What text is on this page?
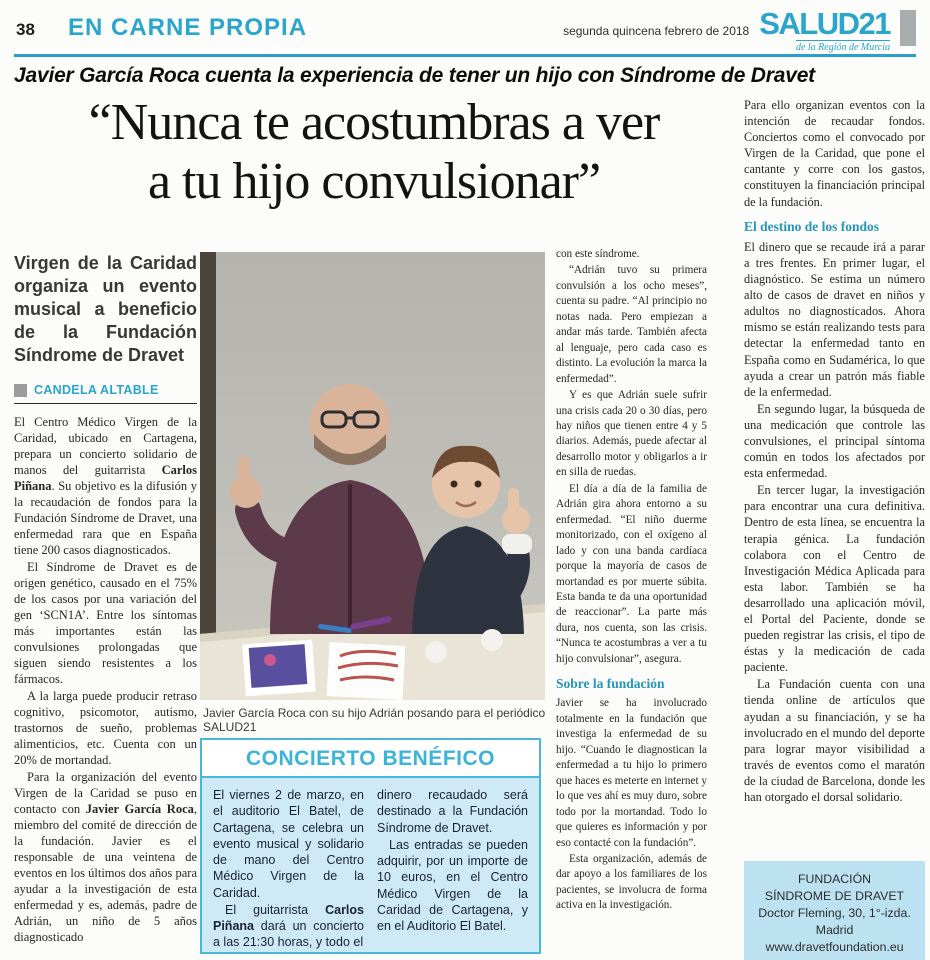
38 EN CARNE PROPIA	segunda quincena febrero de 2018 SALUD21
de la Región de Murcia
Javier García Roca cuenta la experiencia de tener un hijo con Síndrome de Dravet
“Nunca te acostumbras a ver
a tu hijo convulsionar”
Virgen de la Caridad organiza un evento musical a beneficio de la Fundación Síndrome de Dravet
CANDELA ALTABLE

El Centro Médico Virgen de la Caridad, ubicado en Cartagena, prepara un concierto solidario de manos del guitarrista Carlos Piñana. Su objetivo es la difusión y la recaudación de fondos para la Fundación Síndrome de Dravet, una enfermedad rara que en España tiene 200 casos diagnosticados.

El Síndrome de Dravet es de origen genético, causado en el 75% de los casos por una variación del gen ‘SCN1A’. Entre los síntomas más importantes están las convulsiones prolongadas que siguen siendo resistentes a los fármacos.

A la larga puede producir retraso cognitivo, psicomotor, autismo, trastornos de sueño, problemas alimenticios, etc. Cuenta con un 20% de mortandad.

Para la organización del evento Virgen de la Caridad se puso en contacto con Javier García Roca, miembro del comité de dirección de la fundación. Javier es el responsable de una veintena de eventos en los últimos dos años para ayudar a la investigación de esta enfermedad y es, además, padre de Adrián, un niño de 5 años diagnosticado

Javier García Roca con su hijo Adrián posando para el periódico SALUD21
CONCIERTO BENÉFICO

El viernes 2 de marzo, en el auditorio El Batel, de Cartagena, se celebra un evento musical y solidario de mano del Centro Médico Virgen de la Caridad.

El guitarrista Carlos Piñana dará un concierto a las 21:30 horas, y todo el

dinero recaudado será destinado a la Fundación Síndrome de Dravet.

Las entradas se pueden adquirir, por un importe de 10 euros, en el Centro Médico Virgen de la Caridad de Cartagena, y en el Auditorio El Batel.

con este síndrome.

“Adrián tuvo su primera convulsión a los ocho meses”, cuenta su padre. “Al principio no notas nada. Pero empiezan a andar más tarde. También afecta al lenguaje, pero cada caso es distinto. La evolución la marca la enfermedad”.

Y es que Adrián suele sufrir una crisis cada 20 o 30 días, pero hay niños que tienen entre 4 y 5 diarios. Además, puede afectar al desarrollo motor y obligarlos a ir en silla de ruedas.

El día a día de la familia de Adrián gira ahora entorno a su enfermedad. “El niño duerme monitorizado, con el oxígeno al lado y con una banda cardíaca porque la mayoría de casos de mortandad es por muerte súbita. Esta banda te da una oportunidad de reaccionar”. La parte más dura, nos cuenta, son las crisis. “Nunca te acostumbras a ver a tu hijo convulsionar”, asegura.

Sobre la fundación

Javier se ha involucrado totalmente en la fundación que investiga la enfermedad de su hijo. “Cuando le diagnostican la enfermedad a tu hijo lo primero que haces es meterte en internet y lo que ves ahí es muy duro, sobre todo por la mortandad. Todo lo que quieres es información y por eso contacté con la fundación”.

Esta organización, además de dar apoyo a los familiares de los pacientes, se involucra de forma activa en la investigación.

Para ello organizan eventos con la intención de recaudar fondos. Conciertos como el convocado por Virgen de la Caridad, que pone el cantante y corre con los gastos, constituyen la financiación principal de la fundación.

El destino de los fondos

El dinero que se recaude irá a parar a tres frentes. En primer lugar, el diagnóstico. Se estima un número alto de casos de dravet en niños y adultos no diagnosticados. Ahora mismo se están realizando tests para detectar la enfermedad tanto en España como en Sudamérica, lo que ayuda a crear un patrón más fiable de la enfermedad.

En segundo lugar, la búsqueda de una medicación que controle las convulsiones, el principal síntoma común en todos los afectados por esta enfermedad.

En tercer lugar, la investigación para encontrar una cura definitiva. Dentro de esta línea, se encuentra la terapia génica. La fundación colabora con el Centro de Investigación Médica Aplicada para esta labor. También se ha desarrollado una aplicación móvil, el Portal del Paciente, donde se pueden registrar las crisis, el tipo de éstas y la medicación de cada paciente.

La Fundación cuenta con una tienda online de artículos que ayudan a su financiación, y se ha involucrado en el mundo del deporte para lograr mayor visibilidad a través de eventos como el maratón de la ciudad de Barcelona, donde les han otorgado el dorsal solidario.

FUNDACIÓN

SÍNDROME DE DRAVET

Doctor Fleming, 30, 1°-izda.

Madrid

www.dravetfoundation.eu
